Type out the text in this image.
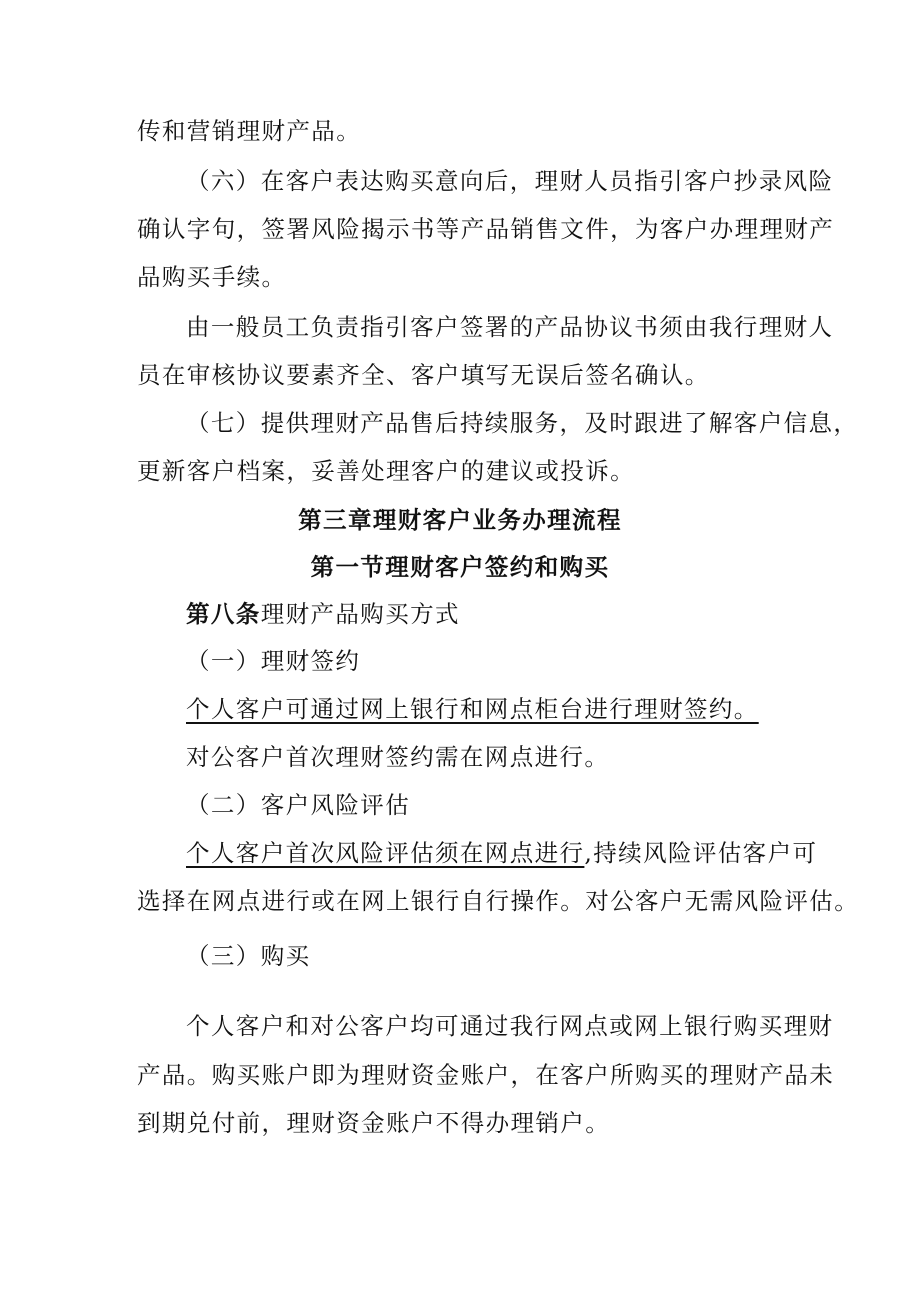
传和营销理财产品。
（六）在客户表达购买意向后，理财人员指引客户抄录风险
确认字句，签署风险揭示书等产品销售文件，为客户办理理财产
品购买手续。
由一般员工负责指引客户签署的产品协议书须由我行理财人
员在审核协议要素齐全、客户填写无误后签名确认。
（七）提供理财产品售后持续服务，及时跟进了解客户信息，
更新客户档案，妥善处理客户的建议或投诉。
第三章理财客户业务办理流程
第一节理财客户签约和购买
第八条理财产品购买方式
（一）理财签约
个人客户可通过网上银行和网点柜台进行理财签约。
对公客户首次理财签约需在网点进行。
（二）客户风险评估
个人客户首次风险评估须在网点进行,持续风险评估客户可
选择在网点进行或在网上银行自行操作。对公客户无需风险评估。
（三）购买
个人客户和对公客户均可通过我行网点或网上银行购买理财
产品。购买账户即为理财资金账户，在客户所购买的理财产品未
到期兑付前，理财资金账户不得办理销户。
